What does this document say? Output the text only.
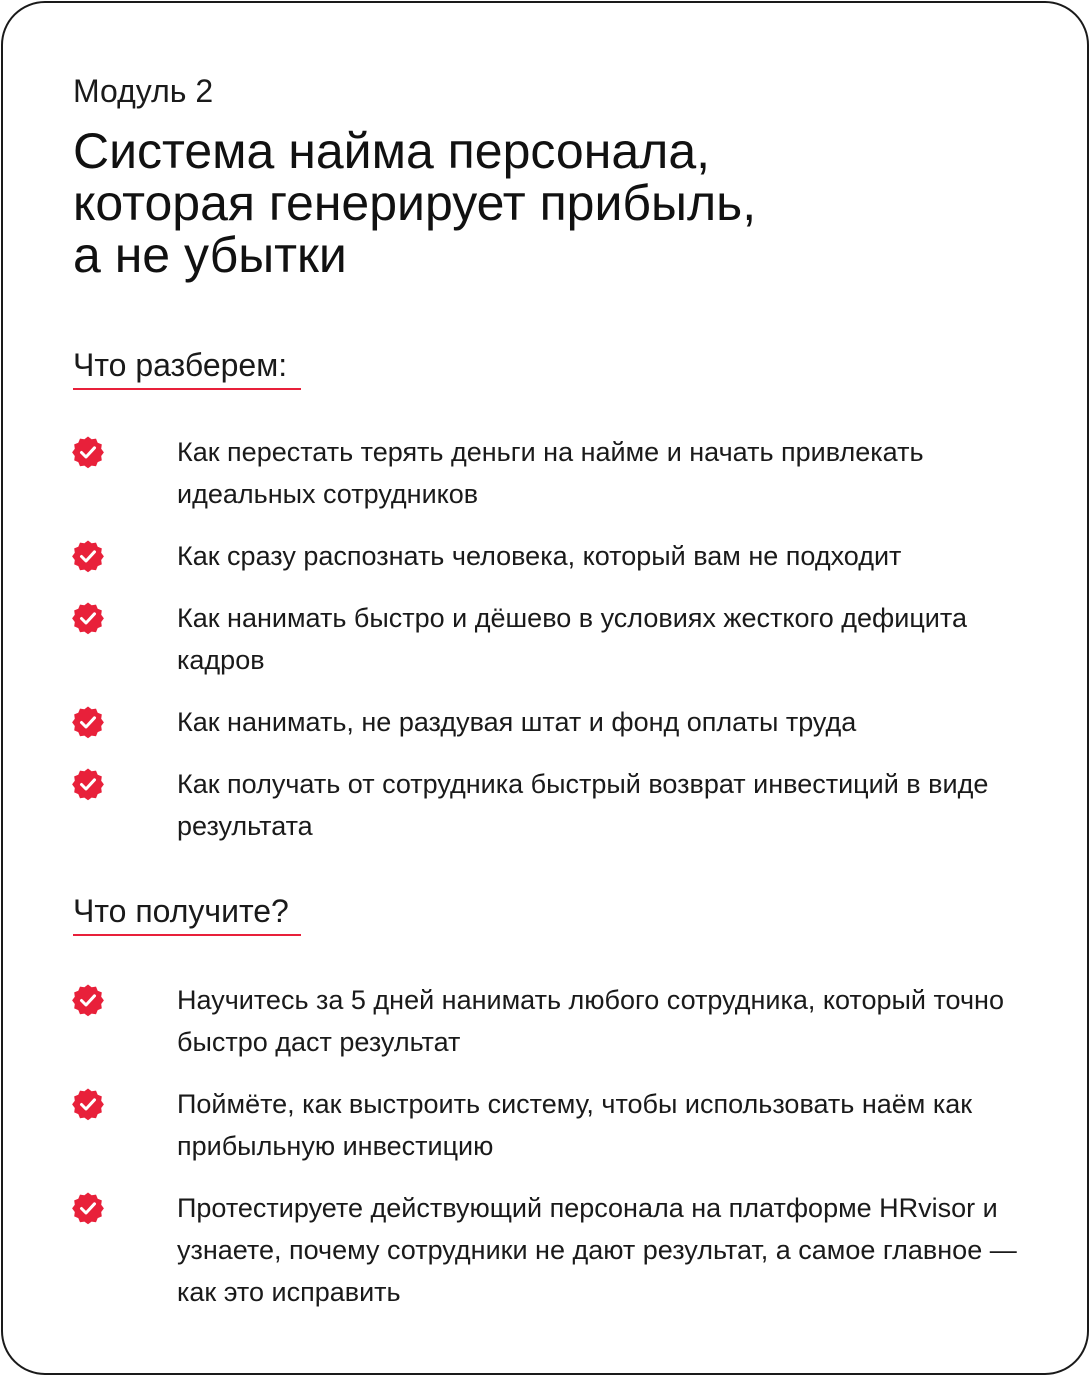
Модуль 2
Система найма персонала,
которая генерирует прибыль,
а не убытки
Что разберем:
Как перестать терять деньги на найме и начать привлекать идеальных сотрудников
Как сразу распознать человека, который вам не подходит
Как нанимать быстро и дёшево в условиях жесткого дефицита кадров
Как нанимать, не раздувая штат и фонд оплаты труда
Как получать от сотрудника быстрый возврат инвестиций в виде результата
Что получите?
Научитесь за 5 дней нанимать любого сотрудника, который точно быстро даст результат
Поймёте, как выстроить систему, чтобы использовать наём как прибыльную инвестицию
Протестируете действующий персонала на платформе HRvisor и узнаете, почему сотрудники не дают результат, а самое главное — как это исправить
